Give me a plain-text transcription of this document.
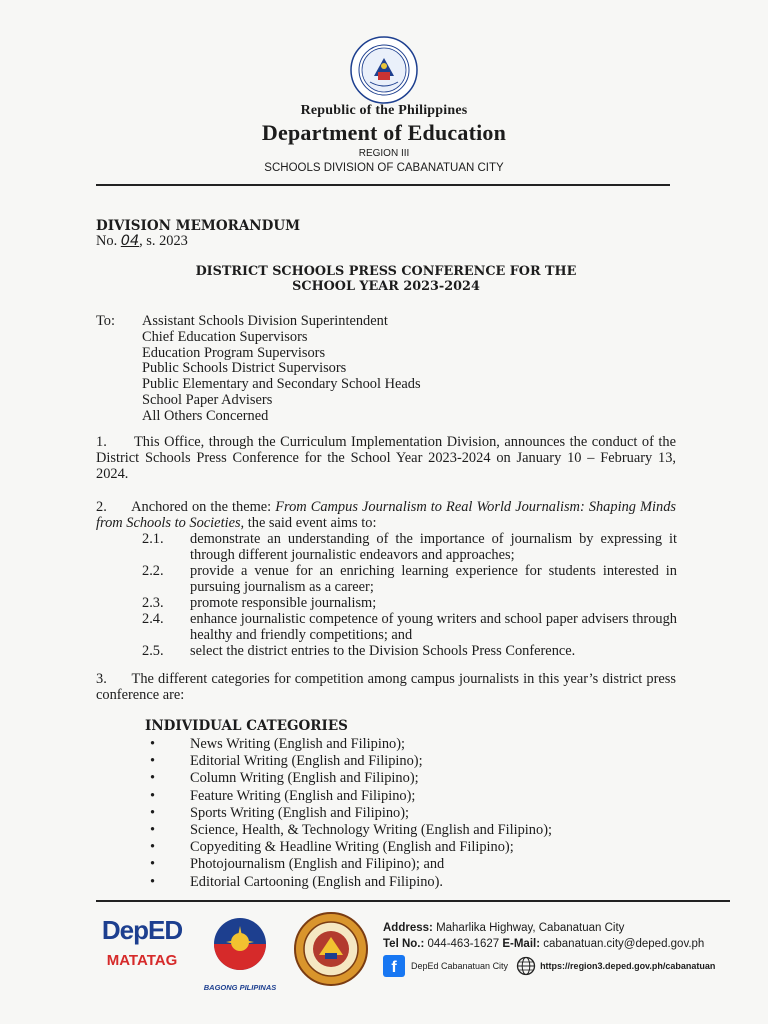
Republic of the Philippines
Department of Education
REGION III
SCHOOLS DIVISION OF CABANATUAN CITY
DIVISION MEMORANDUM
No. 04, s. 2023
DISTRICT SCHOOLS PRESS CONFERENCE FOR THE
SCHOOL YEAR 2023-2024
To: Assistant Schools Division Superintendent
Chief Education Supervisors
Education Program Supervisors
Public Schools District Supervisors
Public Elementary and Secondary School Heads
School Paper Advisers
All Others Concerned
1. This Office, through the Curriculum Implementation Division, announces the conduct of the District Schools Press Conference for the School Year 2023-2024 on January 10 – February 13, 2024.
2. Anchored on the theme: From Campus Journalism to Real World Journalism: Shaping Minds from Schools to Societies, the said event aims to:
2.1.	demonstrate an understanding of the importance of journalism by expressing it through different journalistic endeavors and approaches;
2.2.	provide a venue for an enriching learning experience for students interested in pursuing journalism as a career;
2.3.	promote responsible journalism;
2.4.	enhance journalistic competence of young writers and school paper advisers through healthy and friendly competitions; and
2.5.	select the district entries to the Division Schools Press Conference.
3. The different categories for competition among campus journalists in this year’s district press conference are:
INDIVIDUAL CATEGORIES
•	News Writing (English and Filipino);
•	Editorial Writing (English and Filipino);
•	Column Writing (English and Filipino);
•	Feature Writing (English and Filipino);
•	Sports Writing (English and Filipino);
•	Science, Health, & Technology Writing (English and Filipino);
•	Copyediting & Headline Writing (English and Filipino);
•	Photojournalism (English and Filipino); and
•	Editorial Cartooning (English and Filipino).
DepED
MATATAG
BAGONG PILIPINAS
Address: Maharlika Highway, Cabanatuan City
Tel No.: 044-463-1627 E-Mail: cabanatuan.city@deped.gov.ph
f	DepEd Cabanatuan City	https://region3.deped.gov.ph/cabanatuan
